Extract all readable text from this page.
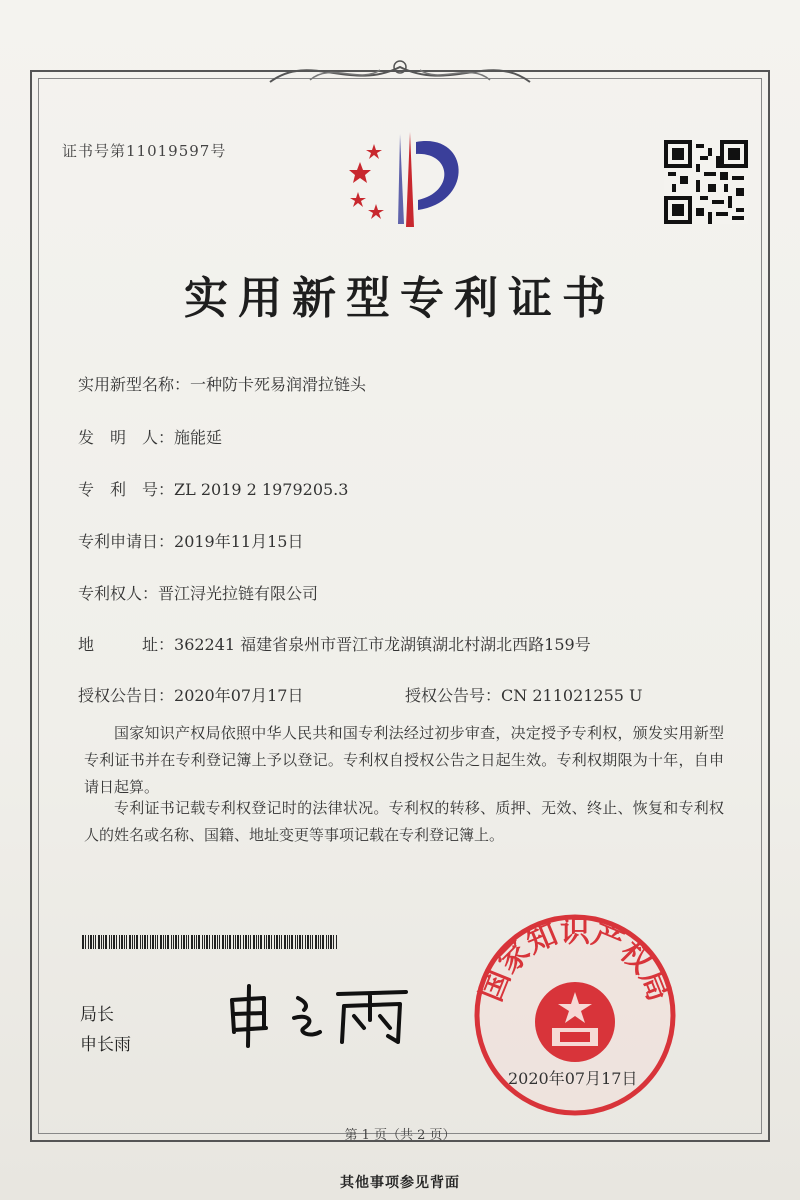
证书号第11019597号
实用新型专利证书
实用新型名称：一种防卡死易润滑拉链头
发　明　人：施能延
专　利　号：ZL 2019 2 1979205.3
专利申请日：2019年11月15日
专利权人：晋江浔光拉链有限公司
地　　　址：362241 福建省泉州市晋江市龙湖镇湖北村湖北西路159号
授权公告日：2020年07月17日	授权公告号：CN 211021255 U
国家知识产权局依照中华人民共和国专利法经过初步审查，决定授予专利权，颁发实用新型专利证书并在专利登记簿上予以登记。专利权自授权公告之日起生效。专利权期限为十年，自申请日起算。
专利证书记载专利权登记时的法律状况。专利权的转移、质押、无效、终止、恢复和专利权人的姓名或名称、国籍、地址变更等事项记载在专利登记簿上。
局长
申长雨
国家知识产权局
2020年07月17日
第 1 页（共 2 页）
其他事项参见背面
